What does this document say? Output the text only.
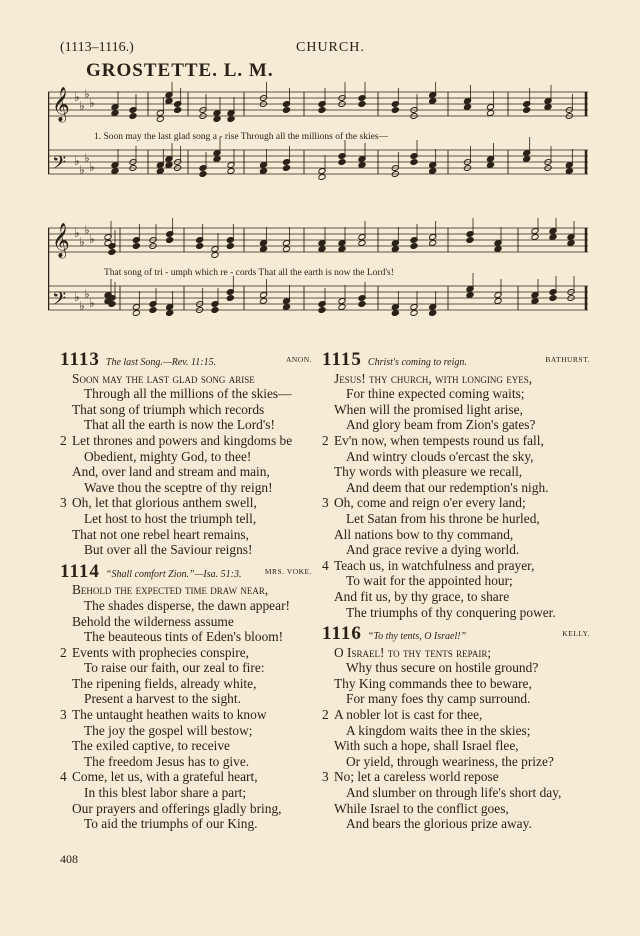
(1113–1116.)	CHURCH.
GROSTETTE. L. M.
𝄞 ♭
♭
♭
♭
𝄢 ♭
♭
♭
♭
1. Soon may the last glad song a - rise Through all the millions of the skies—
𝄞 ♭
♭
♭
♭
𝄢 ♭
♭
♭
♭
That song of tri - umph which re - cords That all the earth is now the Lord's!
1113 The last Song.—Rev. 11:15.	ANON.
Soon may the last glad song arise
Through all the millions of the skies—
That song of triumph which records
That all the earth is now the Lord's!
2 Let thrones and powers and kingdoms be
Obedient, mighty God, to thee!
And, over land and stream and main,
Wave thou the sceptre of thy reign!
3 Oh, let that glorious anthem swell,
Let host to host the triumph tell,
That not one rebel heart remains,
But over all the Saviour reigns!
1114 “Shall comfort Zion.”—Isa. 51:3.	MRS. VOKE.
Behold the expected time draw near,
The shades disperse, the dawn appear!
Behold the wilderness assume
The beauteous tints of Eden's bloom!
2 Events with prophecies conspire,
To raise our faith, our zeal to fire:
The ripening fields, already white,
Present a harvest to the sight.
3 The untaught heathen waits to know
The joy the gospel will bestow;
The exiled captive, to receive
The freedom Jesus has to give.
4 Come, let us, with a grateful heart,
In this blest labor share a part;
Our prayers and offerings gladly bring,
To aid the triumphs of our King.
1115 Christ's coming to reign.	BATHURST.
Jesus! thy church, with longing eyes,
For thine expected coming waits;
When will the promised light arise,
And glory beam from Zion's gates?
2 Ev'n now, when tempests round us fall,
And wintry clouds o'ercast the sky,
Thy words with pleasure we recall,
And deem that our redemption's nigh.
3 Oh, come and reign o'er every land;
Let Satan from his throne be hurled,
All nations bow to thy command,
And grace revive a dying world.
4 Teach us, in watchfulness and prayer,
To wait for the appointed hour;
And fit us, by thy grace, to share
The triumphs of thy conquering power.
1116 “To thy tents, O Israel!”	KELLY.
O Israel! to thy tents repair;
Why thus secure on hostile ground?
Thy King commands thee to beware,
For many foes thy camp surround.
2 A nobler lot is cast for thee,
A kingdom waits thee in the skies;
With such a hope, shall Israel flee,
Or yield, through weariness, the prize?
3 No; let a careless world repose
And slumber on through life's short day,
While Israel to the conflict goes,
And bears the glorious prize away.
408
